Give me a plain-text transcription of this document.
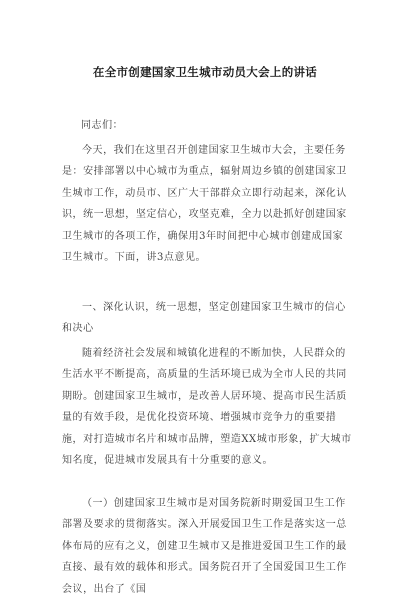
在全市创建国家卫生城市动员大会上的讲话

同志们：

今天，我们在这里召开创建国家卫生城市大会，主要任务是：安排部署以中心城市为重点，辐射周边乡镇的创建国家卫生城市工作，动员市、区广大干部群众立即行动起来，深化认识，统一思想，坚定信心，攻坚克难，全力以赴抓好创建国家卫生城市的各项工作，确保用3年时间把中心城市创建成国家卫生城市。下面，讲3点意见。

一、深化认识，统一思想，坚定创建国家卫生城市的信心和决心

随着经济社会发展和城镇化进程的不断加快，人民群众的生活水平不断提高，高质量的生活环境已成为全市人民的共同期盼。创建国家卫生城市，是改善人居环境、提高市民生活质量的有效手段，是优化投资环境、增强城市竞争力的重要措施，对打造城市名片和城市品牌，塑造XX城市形象，扩大城市知名度，促进城市发展具有十分重要的意义。

（一）创建国家卫生城市是对国务院新时期爱国卫生工作部署及要求的贯彻落实。深入开展爱国卫生工作是落实这一总体布局的应有之义，创建卫生城市又是推进爱国卫生工作的最直接、最有效的载体和形式。国务院召开了全国爱国卫生工作会议，出台了《国
